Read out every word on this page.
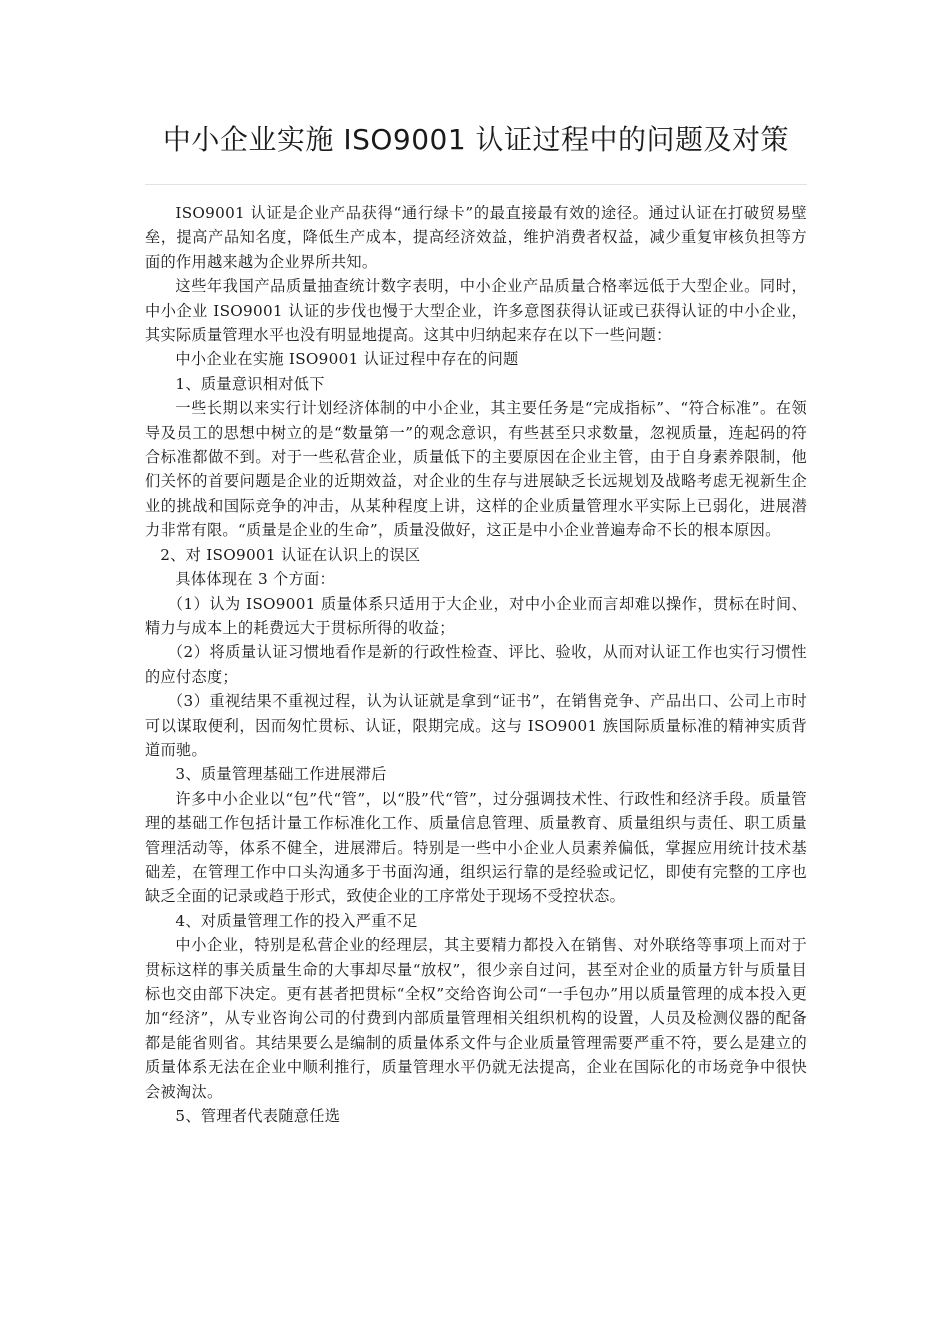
中小企业实施 ISO9001 认证过程中的问题及对策

ISO9001 认证是企业产品获得“通行绿卡”的最直接最有效的途径。通过认证在打破贸易壁垒，提高产品知名度，降低生产成本，提高经济效益，维护消费者权益，减少重复审核负担等方面的作用越来越为企业界所共知。

这些年我国产品质量抽查统计数字表明，中小企业产品质量合格率远低于大型企业。同时，中小企业 ISO9001 认证的步伐也慢于大型企业，许多意图获得认证或已获得认证的中小企业，其实际质量管理水平也没有明显地提高。这其中归纳起来存在以下一些问题：

中小企业在实施 ISO9001 认证过程中存在的问题

1、质量意识相对低下

一些长期以来实行计划经济体制的中小企业，其主要任务是“完成指标”、“符合标准”。在领导及员工的思想中树立的是“数量第一”的观念意识，有些甚至只求数量，忽视质量，连起码的符合标准都做不到。对于一些私营企业，质量低下的主要原因在企业主管，由于自身素养限制，他们关怀的首要问题是企业的近期效益，对企业的生存与进展缺乏长远规划及战略考虑无视新生企业的挑战和国际竞争的冲击，从某种程度上讲，这样的企业质量管理水平实际上已弱化，进展潜力非常有限。“质量是企业的生命”，质量没做好，这正是中小企业普遍寿命不长的根本原因。

2、对 ISO9001 认证在认识上的误区

具体体现在 3 个方面：

（1）认为 ISO9001 质量体系只适用于大企业，对中小企业而言却难以操作，贯标在时间、精力与成本上的耗费远大于贯标所得的收益；

（2）将质量认证习惯地看作是新的行政性检查、评比、验收，从而对认证工作也实行习惯性的应付态度；

（3）重视结果不重视过程，认为认证就是拿到“证书”，在销售竞争、产品出口、公司上市时可以谋取便利，因而匆忙贯标、认证，限期完成。这与 ISO9001 族国际质量标准的精神实质背道而驰。

3、质量管理基础工作进展滞后

许多中小企业以“包”代“管”，以“股”代“管”，过分强调技术性、行政性和经济手段。质量管理的基础工作包括计量工作标准化工作、质量信息管理、质量教育、质量组织与责任、职工质量管理活动等，体系不健全，进展滞后。特别是一些中小企业人员素养偏低，掌握应用统计技术基础差，在管理工作中口头沟通多于书面沟通，组织运行靠的是经验或记忆，即使有完整的工序也缺乏全面的记录或趋于形式，致使企业的工序常处于现场不受控状态。

4、对质量管理工作的投入严重不足

中小企业，特别是私营企业的经理层，其主要精力都投入在销售、对外联络等事项上而对于贯标这样的事关质量生命的大事却尽量“放权”，很少亲自过问，甚至对企业的质量方针与质量目标也交由部下决定。更有甚者把贯标“全权”交给咨询公司“一手包办”用以质量管理的成本投入更加“经济”，从专业咨询公司的付费到内部质量管理相关组织机构的设置，人员及检测仪器的配备都是能省则省。其结果要么是编制的质量体系文件与企业质量管理需要严重不符，要么是建立的质量体系无法在企业中顺利推行，质量管理水平仍就无法提高，企业在国际化的市场竞争中很快会被淘汰。

5、管理者代表随意任选
